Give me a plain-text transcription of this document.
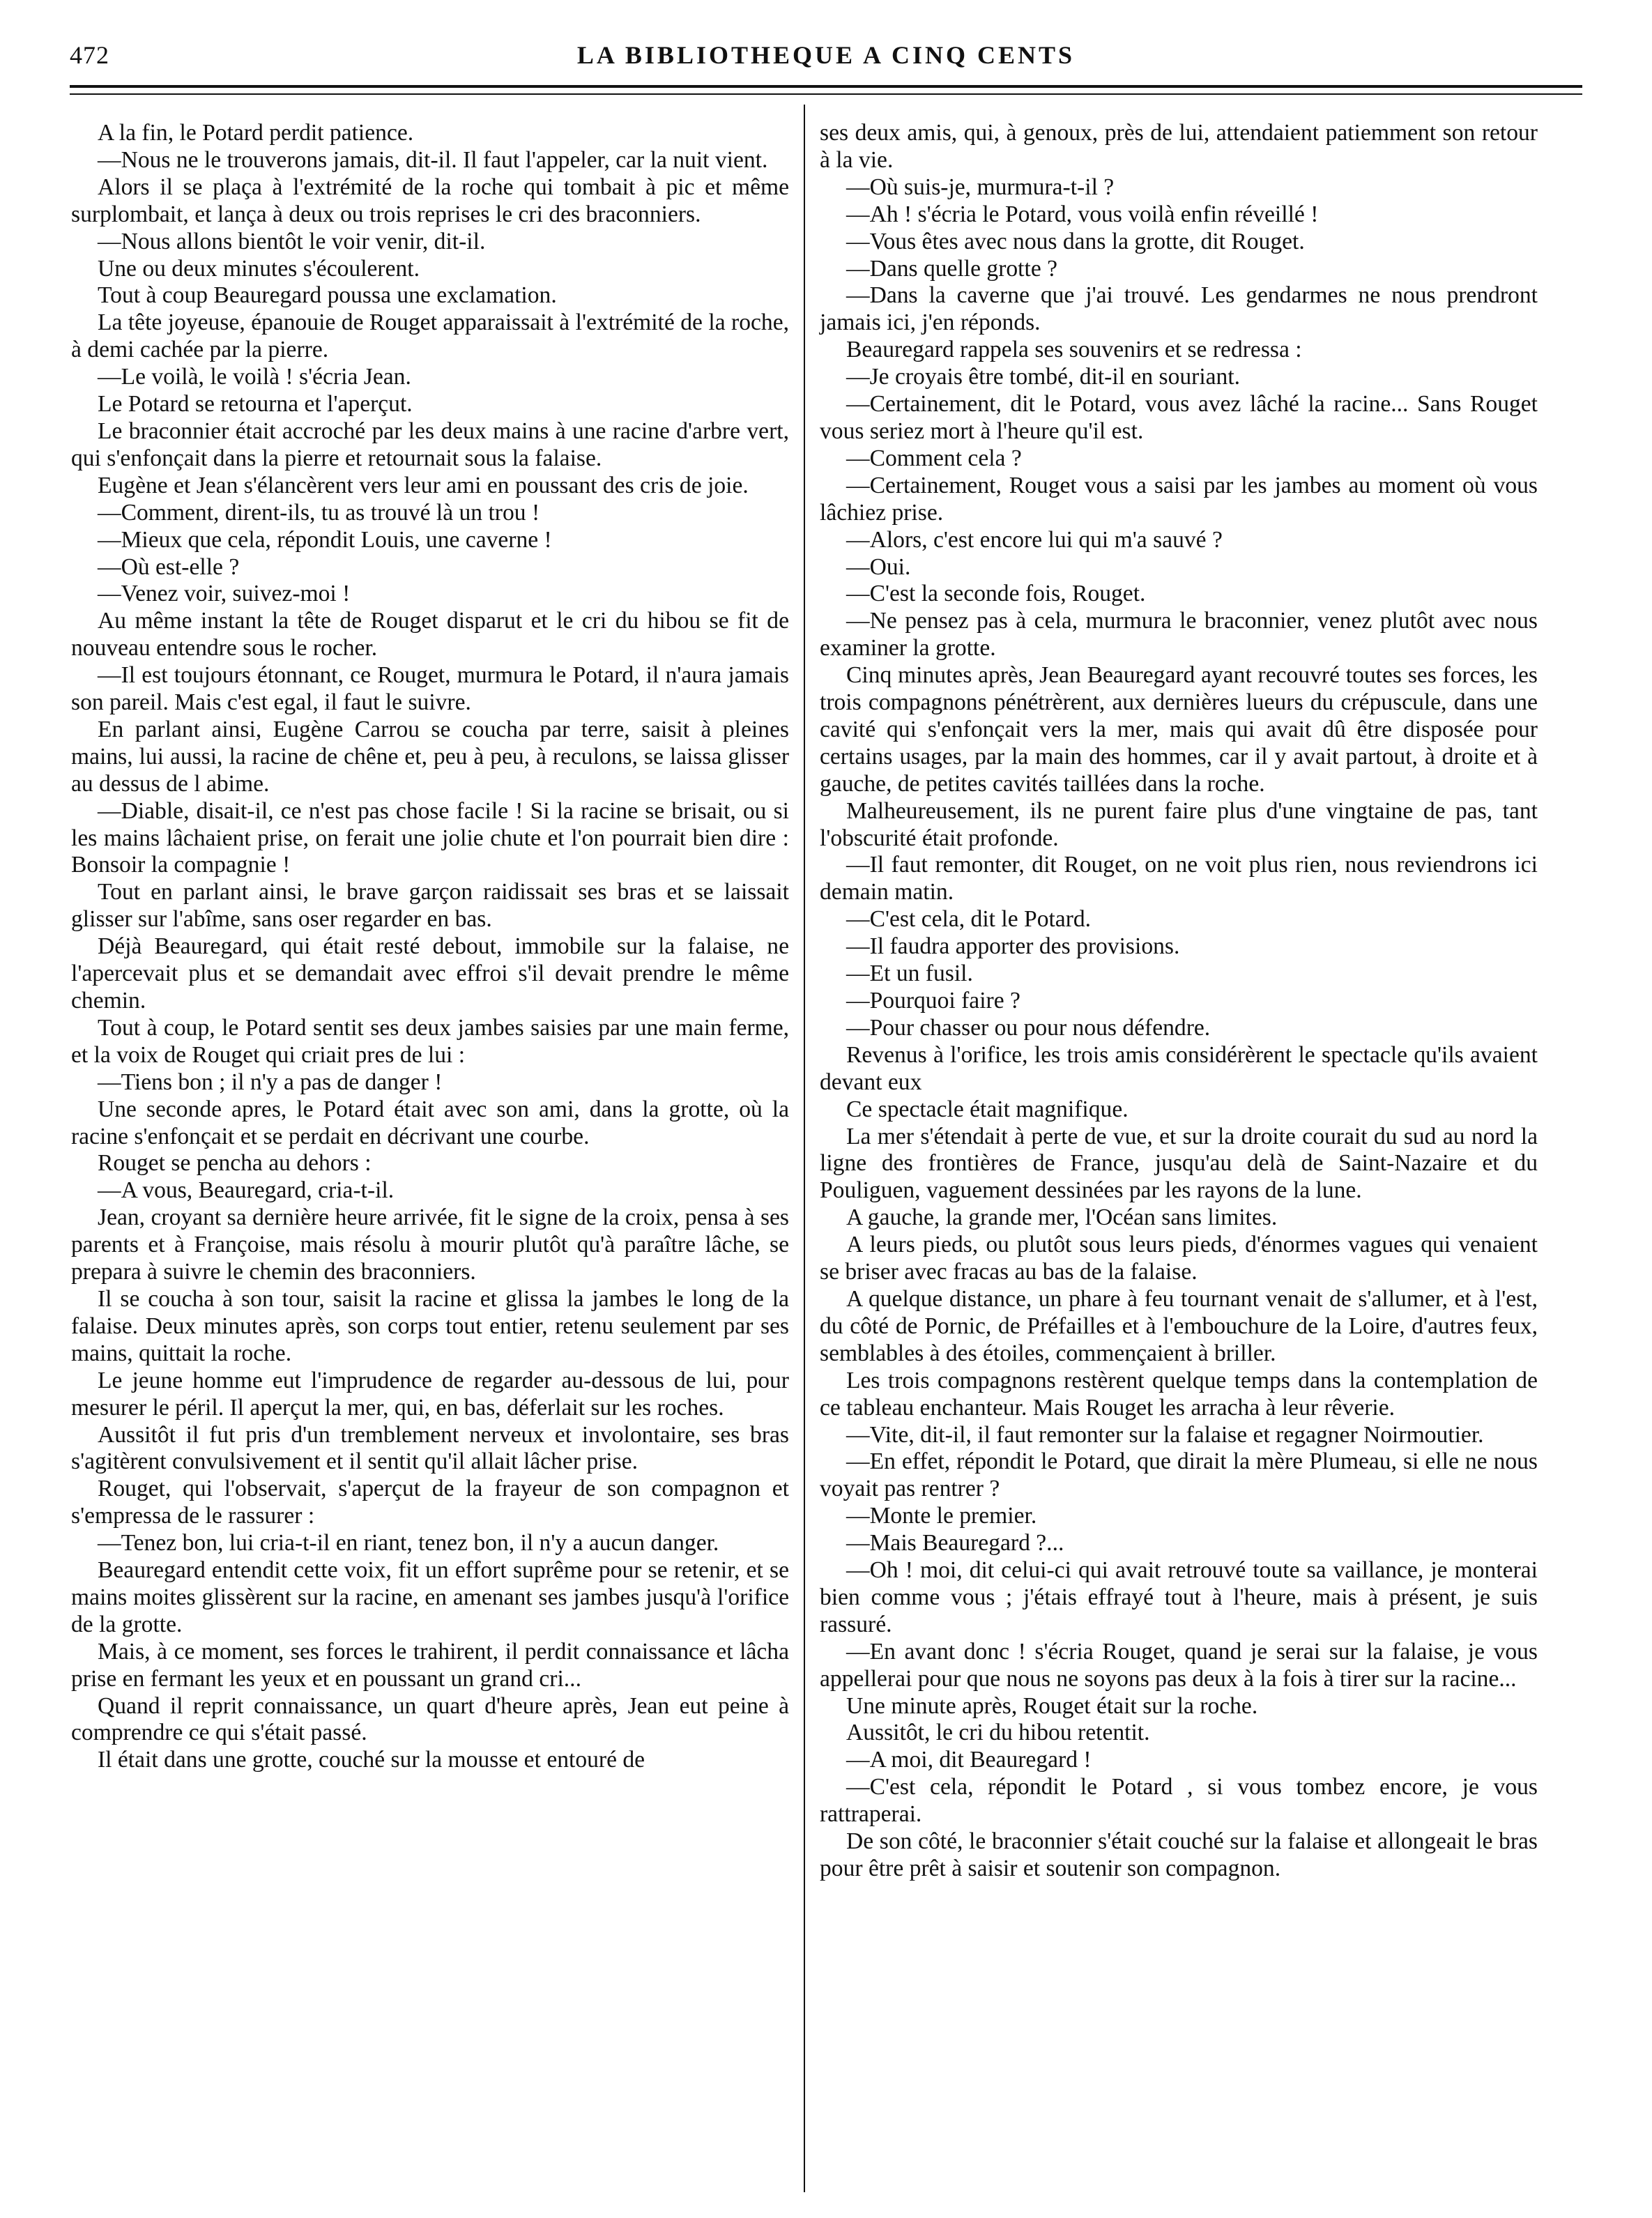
472	LA BIBLIOTHEQUE A CINQ CENTS

A la fin, le Potard perdit patience.

—Nous ne le trouverons jamais, dit-il. Il faut l'appeler, car la nuit vient.

Alors il se plaça à l'extrémité de la roche qui tombait à pic et même surplombait, et lança à deux ou trois reprises le cri des braconniers.

—Nous allons bientôt le voir venir, dit-il.

Une ou deux minutes s'écoulerent.

Tout à coup Beauregard poussa une exclamation.

La tête joyeuse, épanouie de Rouget apparaissait à l'extrémité de la roche, à demi cachée par la pierre.

—Le voilà, le voilà ! s'écria Jean.

Le Potard se retourna et l'aperçut.

Le braconnier était accroché par les deux mains à une racine d'arbre vert, qui s'enfonçait dans la pierre et retournait sous la falaise.

Eugène et Jean s'élancèrent vers leur ami en poussant des cris de joie.

—Comment, dirent-ils, tu as trouvé là un trou !

—Mieux que cela, répondit Louis, une caverne !

—Où est-elle ?

—Venez voir, suivez-moi !

Au même instant la tête de Rouget disparut et le cri du hibou se fit de nouveau entendre sous le rocher.

—Il est toujours étonnant, ce Rouget, murmura le Potard, il n'aura jamais son pareil. Mais c'est egal, il faut le suivre.

En parlant ainsi, Eugène Carrou se coucha par terre, saisit à pleines mains, lui aussi, la racine de chêne et, peu à peu, à reculons, se laissa glisser au dessus de l abime.

—Diable, disait-il, ce n'est pas chose facile ! Si la racine se brisait, ou si les mains lâchaient prise, on ferait une jolie chute et l'on pourrait bien dire : Bonsoir la compagnie !

Tout en parlant ainsi, le brave garçon raidissait ses bras et se laissait glisser sur l'abîme, sans oser regarder en bas.

Déjà Beauregard, qui était resté debout, immobile sur la falaise, ne l'apercevait plus et se demandait avec effroi s'il devait prendre le même chemin.

Tout à coup, le Potard sentit ses deux jambes saisies par une main ferme, et la voix de Rouget qui criait pres de lui :

—Tiens bon ; il n'y a pas de danger !

Une seconde apres, le Potard était avec son ami, dans la grotte, où la racine s'enfonçait et se perdait en décrivant une courbe.

Rouget se pencha au dehors :

—A vous, Beauregard, cria-t-il.

Jean, croyant sa dernière heure arrivée, fit le signe de la croix, pensa à ses parents et à Françoise, mais résolu à mourir plutôt qu'à paraître lâche, se prepara à suivre le chemin des braconniers.

Il se coucha à son tour, saisit la racine et glissa la jambes le long de la falaise. Deux minutes après, son corps tout entier, retenu seulement par ses mains, quittait la roche.

Le jeune homme eut l'imprudence de regarder au-dessous de lui, pour mesurer le péril. Il aperçut la mer, qui, en bas, déferlait sur les roches.

Aussitôt il fut pris d'un tremblement nerveux et involontaire, ses bras s'agitèrent convulsivement et il sentit qu'il allait lâcher prise.

Rouget, qui l'observait, s'aperçut de la frayeur de son compagnon et s'empressa de le rassurer :

—Tenez bon, lui cria-t-il en riant, tenez bon, il n'y a aucun danger.

Beauregard entendit cette voix, fit un effort suprême pour se retenir, et se mains moites glissèrent sur la racine, en amenant ses jambes jusqu'à l'orifice de la grotte.

Mais, à ce moment, ses forces le trahirent, il perdit connaissance et lâcha prise en fermant les yeux et en poussant un grand cri...

Quand il reprit connaissance, un quart d'heure après, Jean eut peine à comprendre ce qui s'était passé.

Il était dans une grotte, couché sur la mousse et entouré de

ses deux amis, qui, à genoux, près de lui, attendaient patiemment son retour à la vie.

—Où suis-je, murmura-t-il ?

—Ah ! s'écria le Potard, vous voilà enfin réveillé !

—Vous êtes avec nous dans la grotte, dit Rouget.

—Dans quelle grotte ?

—Dans la caverne que j'ai trouvé. Les gendarmes ne nous prendront jamais ici, j'en réponds.

Beauregard rappela ses souvenirs et se redressa :

—Je croyais être tombé, dit-il en souriant.

—Certainement, dit le Potard, vous avez lâché la racine... Sans Rouget vous seriez mort à l'heure qu'il est.

—Comment cela ?

—Certainement, Rouget vous a saisi par les jambes au moment où vous lâchiez prise.

—Alors, c'est encore lui qui m'a sauvé ?

—Oui.

—C'est la seconde fois, Rouget.

—Ne pensez pas à cela, murmura le braconnier, venez plutôt avec nous examiner la grotte.

Cinq minutes après, Jean Beauregard ayant recouvré toutes ses forces, les trois compagnons pénétrèrent, aux dernières lueurs du crépuscule, dans une cavité qui s'enfonçait vers la mer, mais qui avait dû être disposée pour certains usages, par la main des hommes, car il y avait partout, à droite et à gauche, de petites cavités taillées dans la roche.

Malheureusement, ils ne purent faire plus d'une vingtaine de pas, tant l'obscurité était profonde.

—Il faut remonter, dit Rouget, on ne voit plus rien, nous reviendrons ici demain matin.

—C'est cela, dit le Potard.

—Il faudra apporter des provisions.

—Et un fusil.

—Pourquoi faire ?

—Pour chasser ou pour nous défendre.

Revenus à l'orifice, les trois amis considérèrent le spectacle qu'ils avaient devant eux

Ce spectacle était magnifique.

La mer s'étendait à perte de vue, et sur la droite courait du sud au nord la ligne des frontières de France, jusqu'au delà de Saint-Nazaire et du Pouliguen, vaguement dessinées par les rayons de la lune.

A gauche, la grande mer, l'Océan sans limites.

A leurs pieds, ou plutôt sous leurs pieds, d'énormes vagues qui venaient se briser avec fracas au bas de la falaise.

A quelque distance, un phare à feu tournant venait de s'allumer, et à l'est, du côté de Pornic, de Préfailles et à l'embouchure de la Loire, d'autres feux, semblables à des étoiles, commençaient à briller.

Les trois compagnons restèrent quelque temps dans la contemplation de ce tableau enchanteur. Mais Rouget les arracha à leur rêverie.

—Vite, dit-il, il faut remonter sur la falaise et regagner Noirmoutier.

—En effet, répondit le Potard, que dirait la mère Plumeau, si elle ne nous voyait pas rentrer ?

—Monte le premier.

—Mais Beauregard ?...

—Oh ! moi, dit celui-ci qui avait retrouvé toute sa vaillance, je monterai bien comme vous ; j'étais effrayé tout à l'heure, mais à présent, je suis rassuré.

—En avant donc ! s'écria Rouget, quand je serai sur la falaise, je vous appellerai pour que nous ne soyons pas deux à la fois à tirer sur la racine...

Une minute après, Rouget était sur la roche.

Aussitôt, le cri du hibou retentit.

—A moi, dit Beauregard !

—C'est cela, répondit le Potard , si vous tombez encore, je vous rattraperai.

De son côté, le braconnier s'était couché sur la falaise et allongeait le bras pour être prêt à saisir et soutenir son compagnon.
